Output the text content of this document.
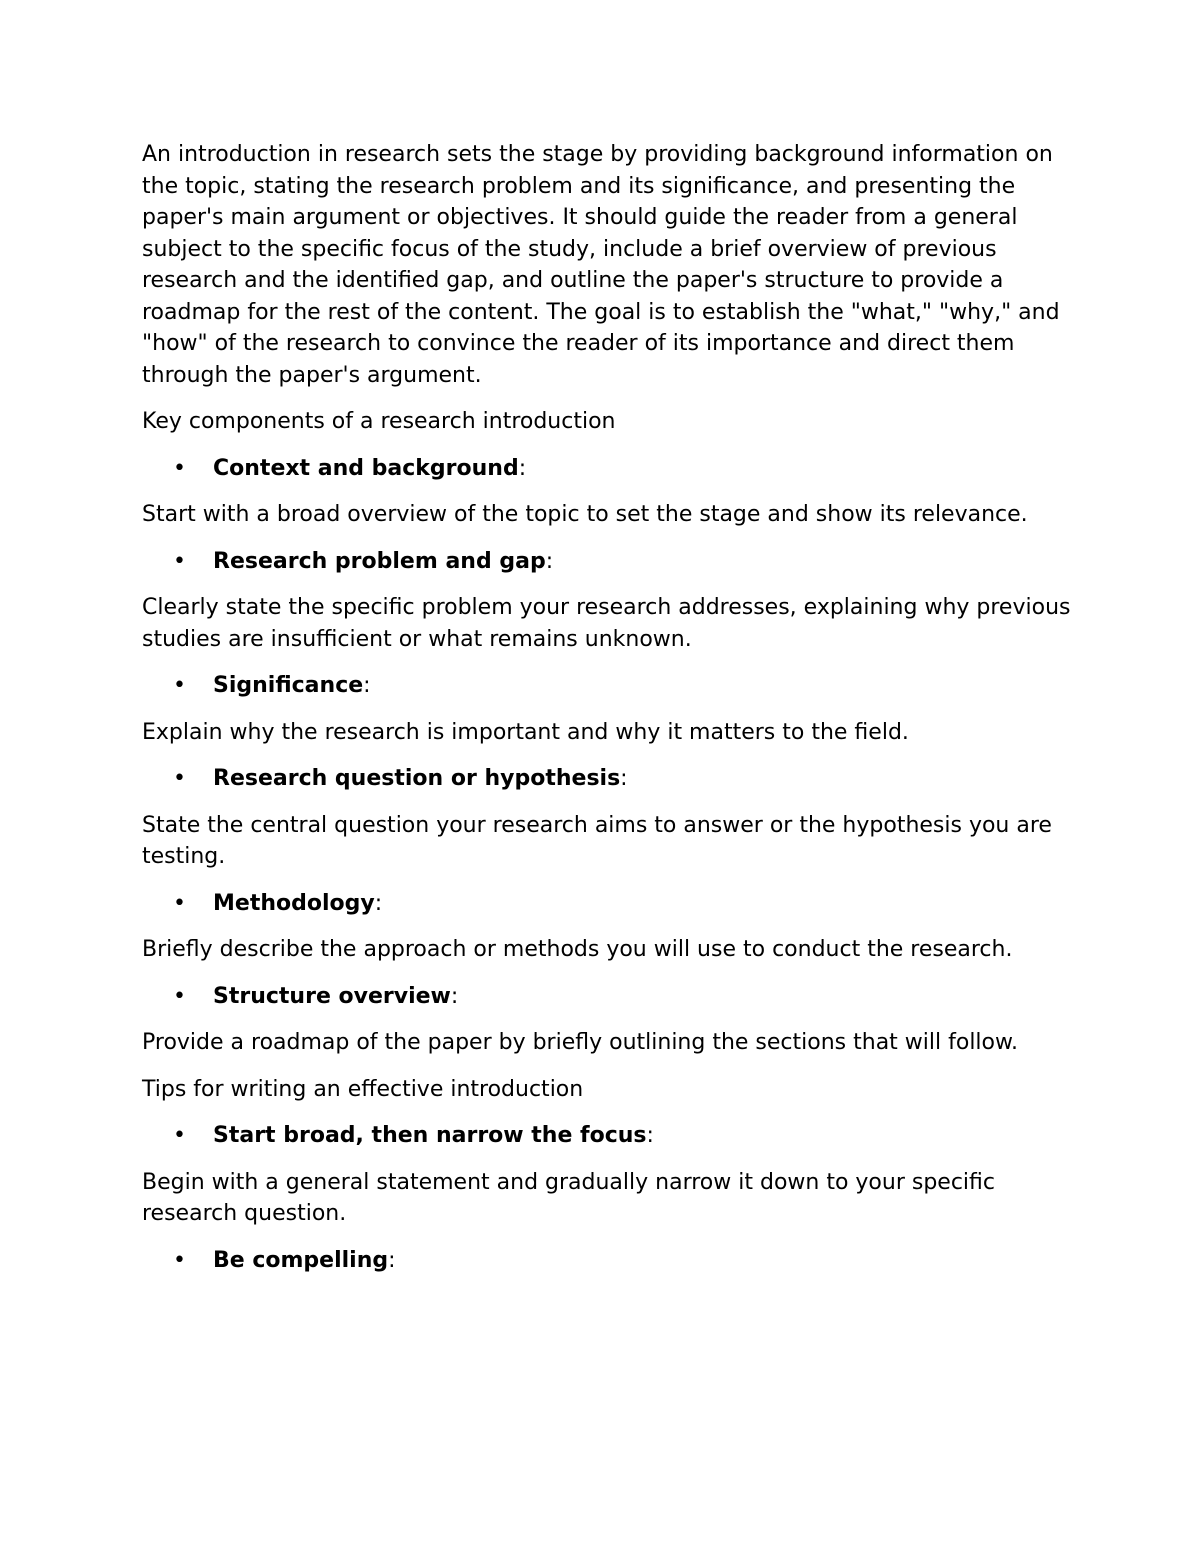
An introduction in research sets the stage by providing background information on the topic, stating the research problem and its significance, and presenting the paper's main argument or objectives. It should guide the reader from a general subject to the specific focus of the study, include a brief overview of previous research and the identified gap, and outline the paper's structure to provide a roadmap for the rest of the content. The goal is to establish the "what," "why," and "how" of the research to convince the reader of its importance and direct them through the paper's argument.

Key components of a research introduction

• Context and background:

Start with a broad overview of the topic to set the stage and show its relevance.

• Research problem and gap:

Clearly state the specific problem your research addresses, explaining why previous studies are insufficient or what remains unknown.

• Significance:

Explain why the research is important and why it matters to the field.

• Research question or hypothesis:

State the central question your research aims to answer or the hypothesis you are testing.

• Methodology:

Briefly describe the approach or methods you will use to conduct the research.

• Structure overview:

Provide a roadmap of the paper by briefly outlining the sections that will follow.

Tips for writing an effective introduction

• Start broad, then narrow the focus:

Begin with a general statement and gradually narrow it down to your specific research question.

• Be compelling:
